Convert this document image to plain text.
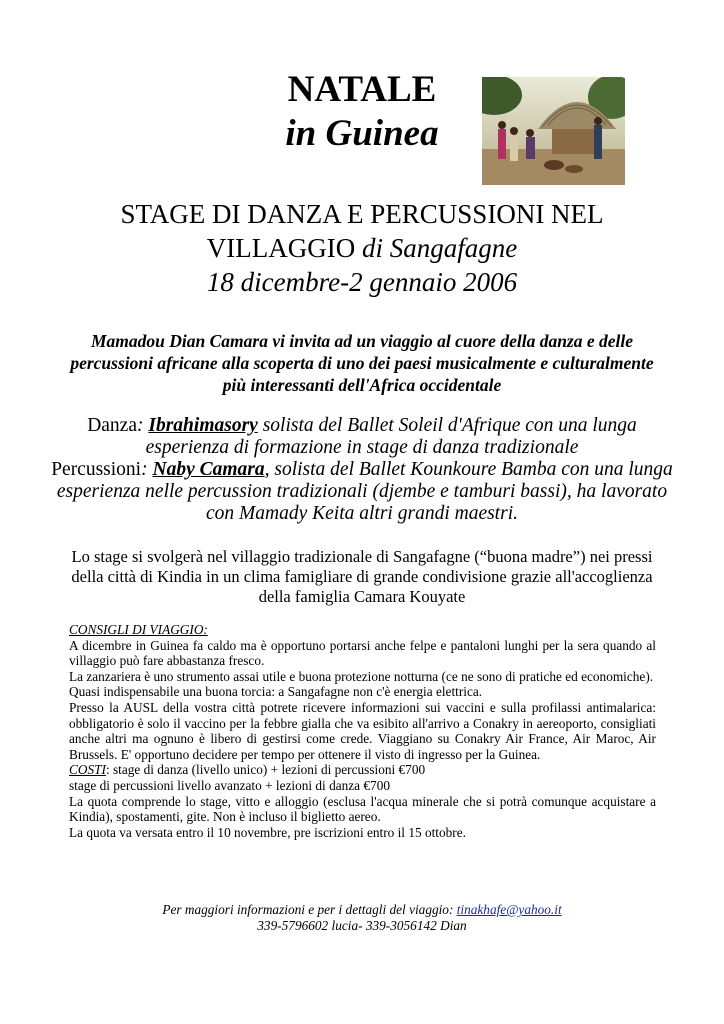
NATALE
in Guinea
STAGE DI DANZA E PERCUSSIONI NEL
VILLAGGIO di Sangafagne
18 dicembre-2 gennaio 2006
Mamadou Dian Camara vi invita ad un viaggio al cuore della danza e delle percussioni africane alla scoperta di uno dei paesi musicalmente e culturalmente più interessanti dell'Africa occidentale
Danza: Ibrahimasory solista del Ballet Soleil d'Afrique con una lunga esperienza di formazione in stage di danza tradizionale
Percussioni: Naby Camara, solista del Ballet Kounkoure Bamba con una lunga esperienza nelle percussion tradizionali (djembe e tamburi bassi), ha lavorato con Mamady Keita altri grandi maestri.
Lo stage si svolgerà nel villaggio tradizionale di Sangafagne (“buona madre”) nei pressi della città di Kindia in un clima famigliare di grande condivisione grazie all'accoglienza della famiglia Camara Kouyate

CONSIGLI DI VIAGGIO:

A dicembre in Guinea fa caldo ma è opportuno portarsi anche felpe e pantaloni lunghi per la sera quando al villaggio può fare abbastanza fresco.

La zanzariera è uno strumento assai utile e buona protezione notturna (ce ne sono di pratiche ed economiche).

Quasi indispensabile una buona torcia: a Sangafagne non c'è energia elettrica.

Presso la AUSL della vostra città potrete ricevere informazioni sui vaccini e sulla profilassi antimalarica: obbligatorio è solo il vaccino per la febbre gialla che va esibito all'arrivo a Conakry in aereoporto, consigliati anche altri ma ognuno è libero di gestirsi come crede. Viaggiano su Conakry Air France, Air Maroc, Air Brussels. E' opportuno decidere per tempo per ottenere il visto di ingresso per la Guinea.

COSTI: stage di danza (livello unico) + lezioni di percussioni €700

stage di percussioni livello avanzato + lezioni di danza €700

La quota comprende lo stage, vitto e alloggio (esclusa l'acqua minerale che si potrà comunque acquistare a Kindia), spostamenti, gite. Non è incluso il biglietto aereo.

La quota va versata entro il 10 novembre, pre iscrizioni entro il 15 ottobre.

Per maggiori informazioni e per i dettagli del viaggio: tinakhafe@yahoo.it
339-5796602 lucia- 339-3056142 Dian
